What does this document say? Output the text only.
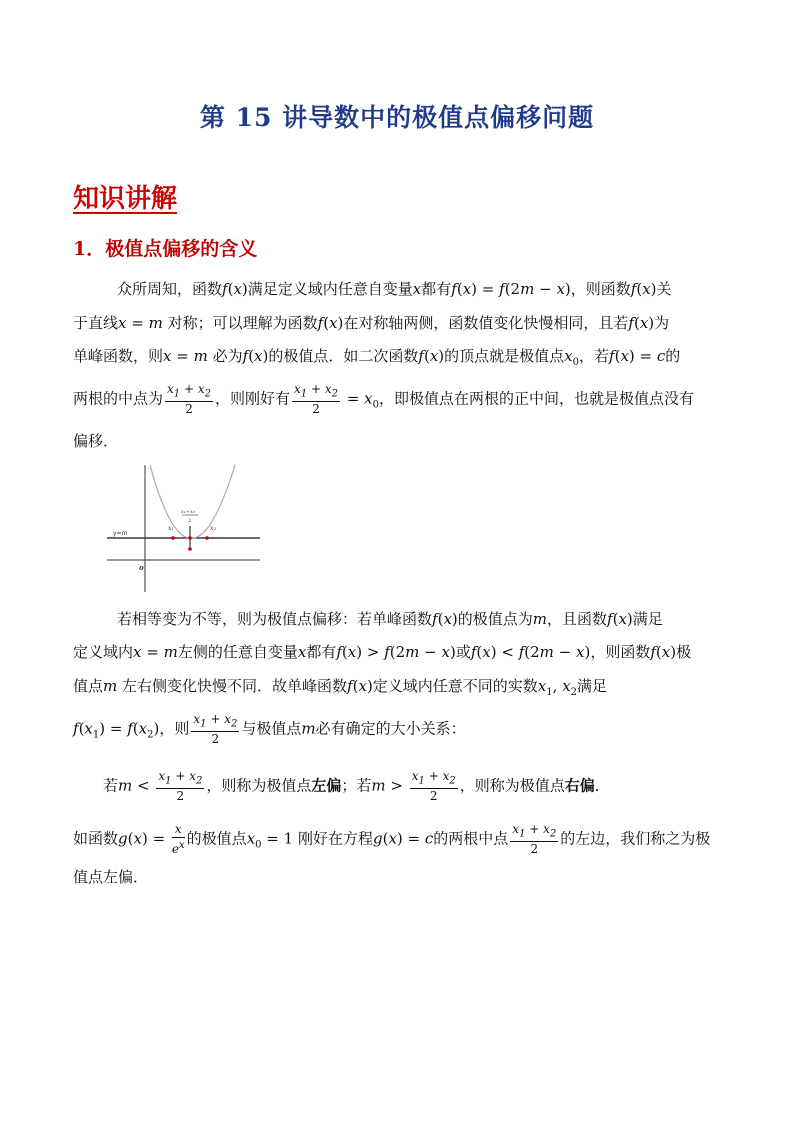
第 15 讲导数中的极值点偏移问题
知识讲解
1．极值点偏移的含义
众所周知，函数f(x)满足定义域内任意自变量x都有f(x) = f(2m − x)，则函数f(x)关
于直线x = m 对称；可以理解为函数f(x)在对称轴两侧，函数值变化快慢相同，且若f(x)为
单峰函数，则x = m 必为f(x)的极值点．如二次函数f(x)的顶点就是极值点$x_0$，若f(x) = c的
两根的中点为 $\frac{x_1 + x_2}{2}$ ，则刚好有 $\frac{x_1 + x_2}{2} = x_0$，即极值点在两根的正中间，也就是极值点没有
偏移．
y=m
x₁	x₂
x₁+x₂
2
o
若相等变为不等，则为极值点偏移：若单峰函数f(x)的极值点为m，且函数f(x)满足
定义域内x = m左侧的任意自变量x都有f(x) > f(2m − x)或f(x) < f(2m − x)，则函数f(x)极
值点m 左右侧变化快慢不同．故单峰函数f(x)定义域内任意不同的实数$x_1$, $x_2$满足
$f(x_1) = f(x_2)$，则 $\frac{x_1 + x_2}{2}$ 与极值点m必有确定的大小关系：
若$m < \frac{x_1 + x_2}{2}$ ，则称为极值点左偏；若$m > \frac{x_1 + x_2}{2}$ ，则称为极值点右偏．
如函数$g(x) = \frac{x}{e^x}$ 的极值点$x_0 = 1$ 刚好在方程g(x) = c的两根中点 $\frac{x_1 + x_2}{2}$ 的左边，我们称之为极
值点左偏．
